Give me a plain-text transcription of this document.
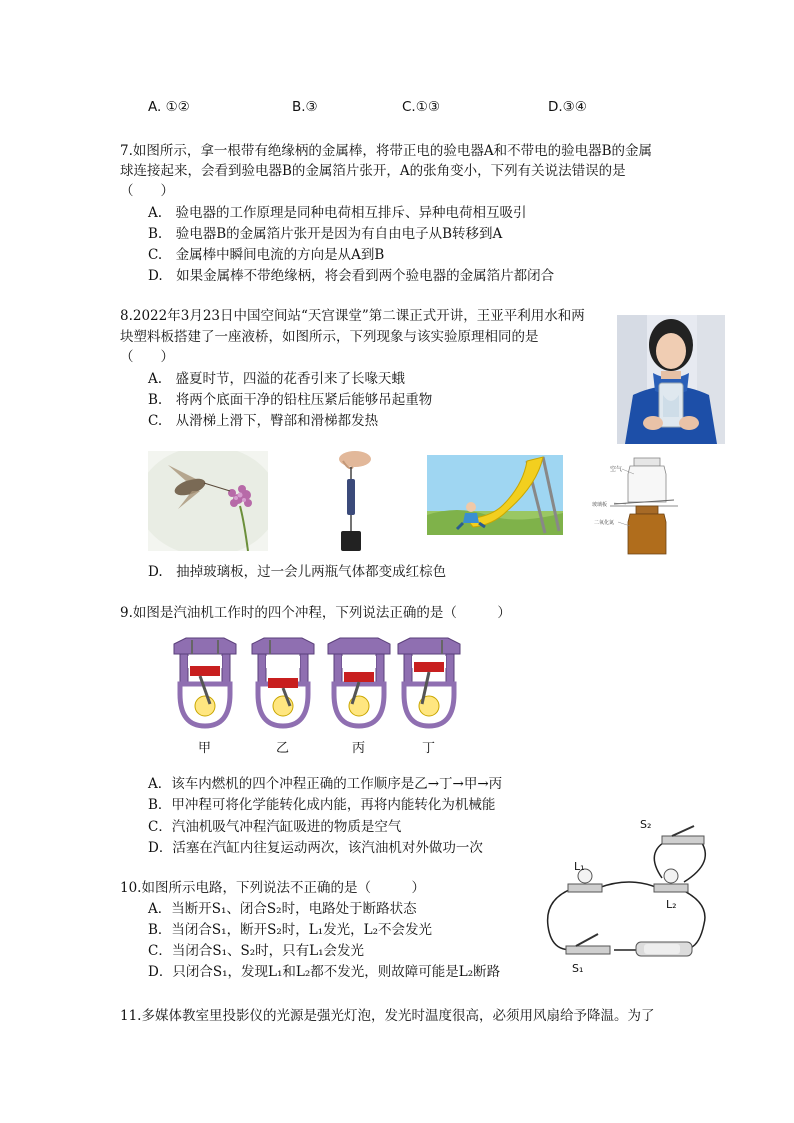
A. ①②	B.③	C.①③	D.③④
7.如图所示，拿一根带有绝缘柄的金属棒，将带正电的验电器A和不带电的验电器B的金属
球连接起来，会看到验电器B的金属箔片张开，A的张角变小，下列有关说法错误的是
（　　）
A.　验电器的工作原理是同种电荷相互排斥、异种电荷相互吸引
B.　验电器B的金属箔片张开是因为有自由电子从B转移到A
C.　金属棒中瞬间电流的方向是从A到B
D.　如果金属棒不带绝缘柄，将会看到两个验电器的金属箔片都闭合
8.2022年3月23日中国空间站“天宫课堂”第二课正式开讲，王亚平利用水和两
块塑料板搭建了一座液桥，如图所示，下列现象与该实验原理相同的是
（　　）
A.　盛夏时节，四溢的花香引来了长喙天蛾
B.　将两个底面干净的铅柱压紧后能够吊起重物
C.　从滑梯上滑下，臀部和滑梯都发热
空气
玻璃板
二氧化氮
D.　抽掉玻璃板，过一会儿两瓶气体都变成红棕色
9.如图是汽油机工作时的四个冲程，下列说法正确的是（　　　）
甲	乙	丙	丁
A．该车内燃机的四个冲程正确的工作顺序是乙→丁→甲→丙
B．甲冲程可将化学能转化成内能，再将内能转化为机械能
C．汽油机吸气冲程汽缸吸进的物质是空气
D．活塞在汽缸内往复运动两次，该汽油机对外做功一次
10.如图所示电路，下列说法不正确的是（　　　）
A．当断开S₁、闭合S₂时，电路处于断路状态
B．当闭合S₁，断开S₂时，L₁发光，L₂不会发光
C．当闭合S₁、S₂时，只有L₁会发光
D．只闭合S₁，发现L₁和L₂都不发光，则故障可能是L₂断路
S₂
L₁
L₂
S₁
11.多媒体教室里投影仪的光源是强光灯泡，发光时温度很高，必须用风扇给予降温。为了
